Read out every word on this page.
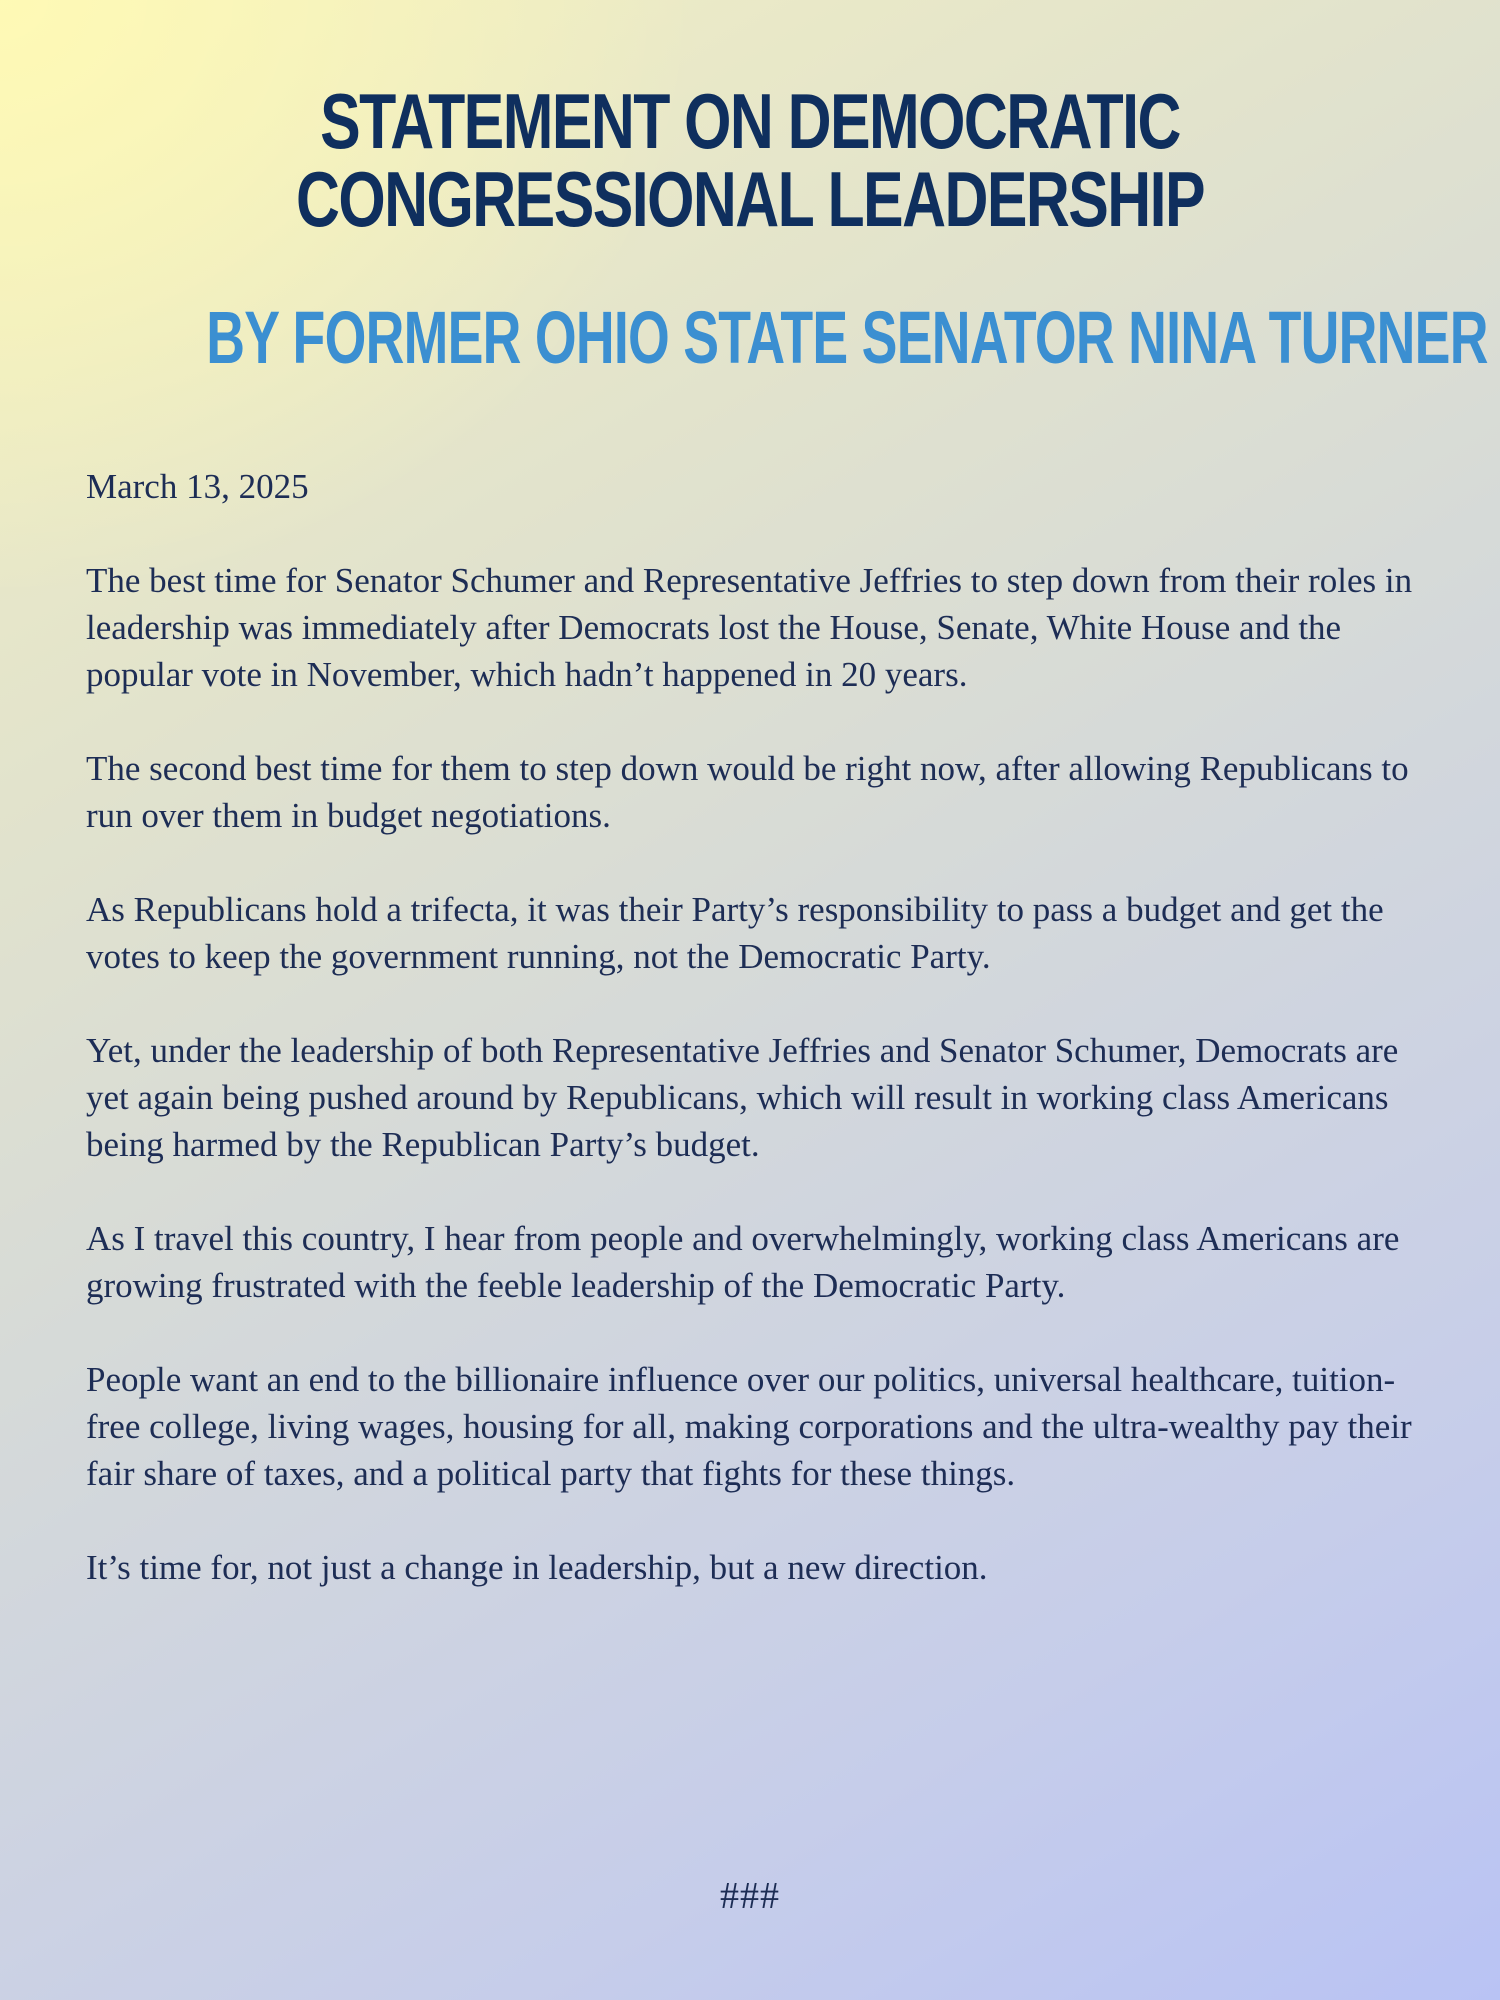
STATEMENT ON DEMOCRATIC
CONGRESSIONAL LEADERSHIP
BY FORMER OHIO STATE SENATOR NINA TURNER

March 13, 2025

The best time for Senator Schumer and Representative Jeffries to step down from their roles in leadership was immediately after Democrats lost the House, Senate, White House and the popular vote in November, which hadn’t happened in 20 years.

The second best time for them to step down would be right now, after allowing Republicans to run over them in budget negotiations.

As Republicans hold a trifecta, it was their Party’s responsibility to pass a budget and get the votes to keep the government running, not the Democratic Party.

Yet, under the leadership of both Representative Jeffries and Senator Schumer, Democrats are yet again being pushed around by Republicans, which will result in working class Americans being harmed by the Republican Party’s budget.

As I travel this country, I hear from people and overwhelmingly, working class Americans are growing frustrated with the feeble leadership of the Democratic Party.

People want an end to the billionaire influence over our politics, universal healthcare, tuition-free college, living wages, housing for all, making corporations and the ultra-wealthy pay their fair share of taxes, and a political party that fights for these things.

It’s time for, not just a change in leadership, but a new direction.

###
